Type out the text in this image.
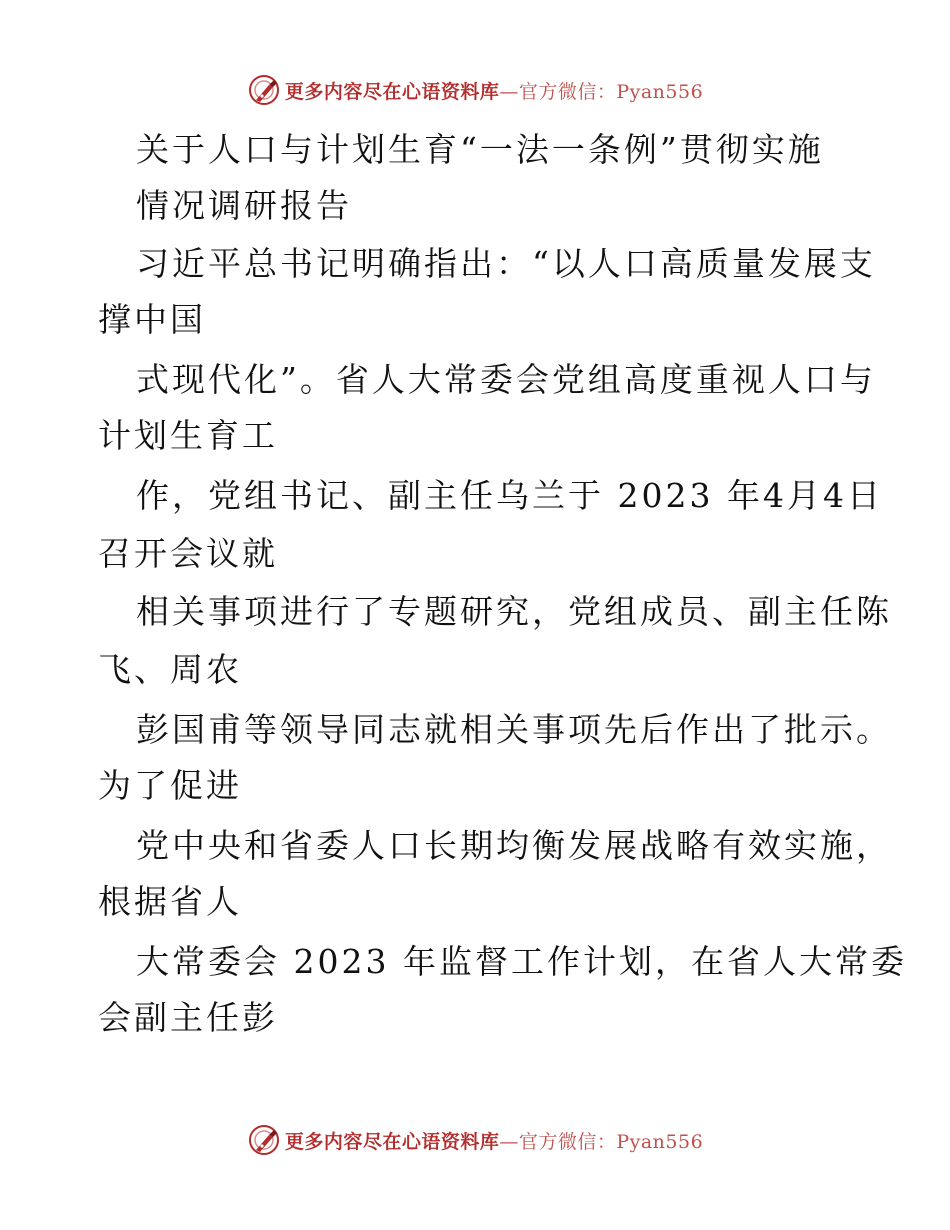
更多内容尽在心语资料库—官方微信：Pyan556
关于人口与计划生育“一法一条例”贯彻实施
情况调研报告
习近平总书记明确指出：“以人口高质量发展支
撑中国
式现代化”。省人大常委会党组高度重视人口与
计划生育工
作，党组书记、副主任乌兰于 2023 年4月4日
召开会议就
相关事项进行了专题研究，党组成员、副主任陈
飞、周农
彭国甫等领导同志就相关事项先后作出了批示。
为了促进
党中央和省委人口长期均衡发展战略有效实施，
根据省人
大常委会 2023 年监督工作计划，在省人大常委
会副主任彭
更多内容尽在心语资料库—官方微信：Pyan556
